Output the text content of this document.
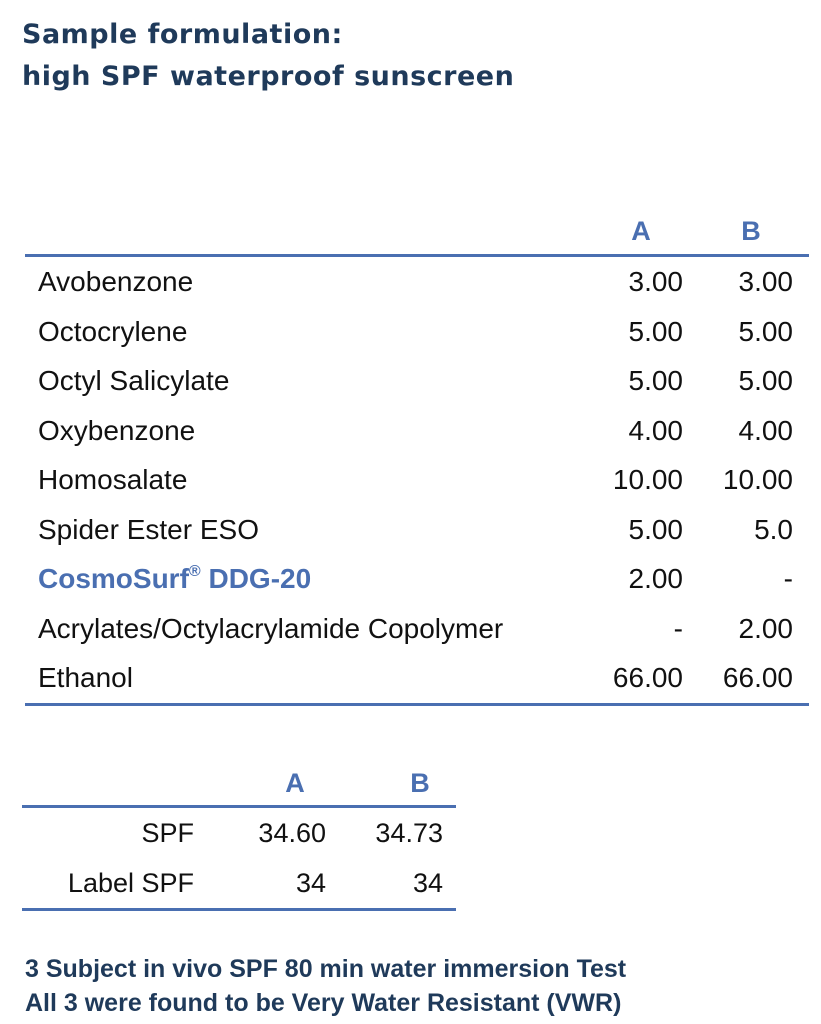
Sample formulation:
high SPF waterproof sunscreen
A	B
Avobenzone	3.00 3.00
Octocrylene	5.00 5.00
Octyl Salicylate	5.00 5.00
Oxybenzone	4.00 4.00
Homosalate	10.00 10.00
Spider Ester ESO	5.00	5.0
CosmoSurf® DDG-20	2.00	-
Acrylates/Octylacrylamide Copolymer	- 2.00
Ethanol	66.00 66.00
A	B
SPF 34.60 34.73
Label SPF	34	34
3 Subject in vivo SPF 80 min water immersion Test
All 3 were found to be Very Water Resistant (VWR)
